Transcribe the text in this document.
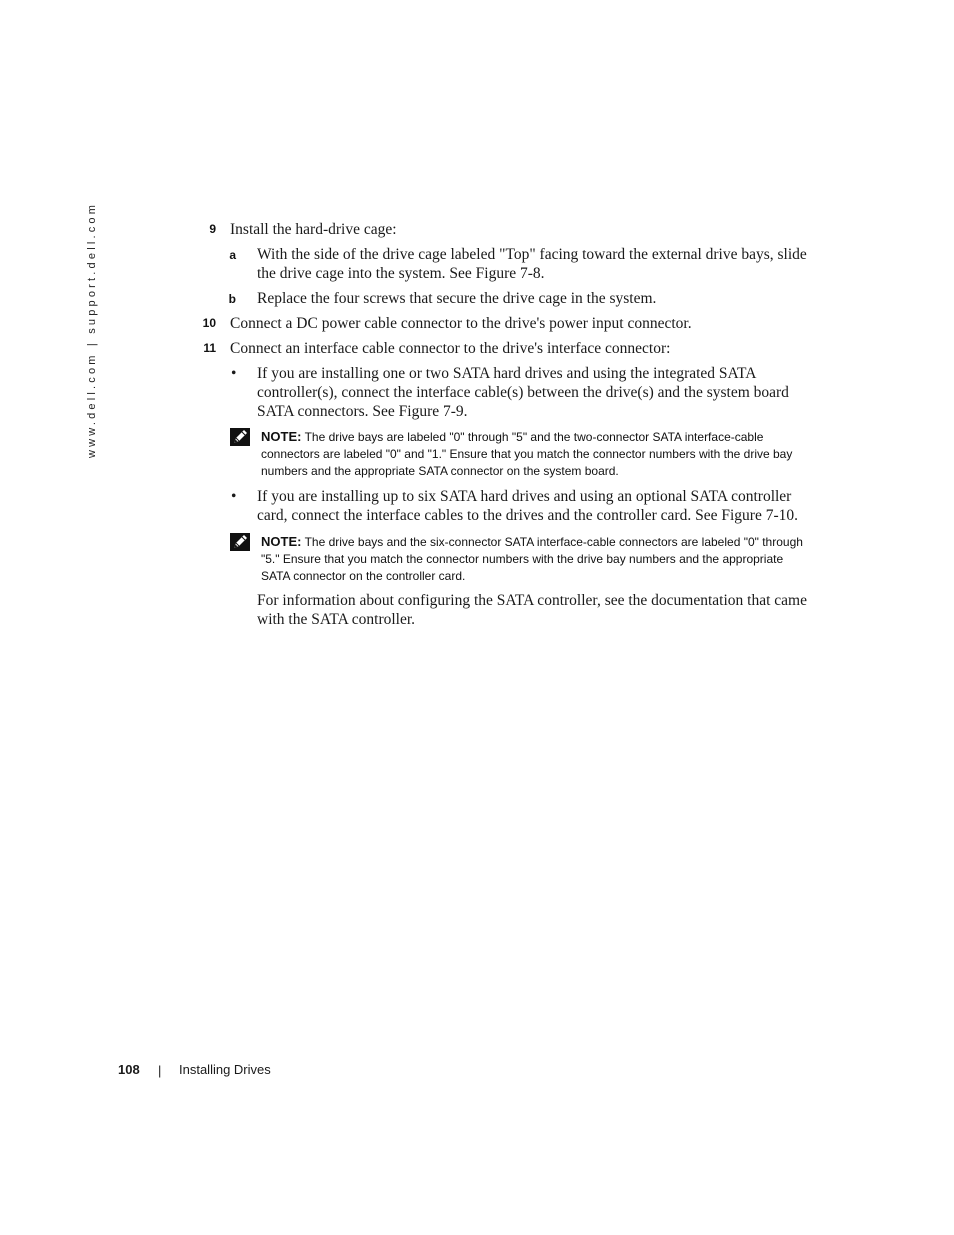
www.dell.com | support.dell.com	9 Install the hard-drive cage:
a With the side of the drive cage labeled "Top" facing toward the external drive bays, slide the drive cage into the system. See Figure 7-8.
b Replace the four screws that secure the drive cage in the system.
10 Connect a DC power cable connector to the drive's power input connector.
11 Connect an interface cable connector to the drive's interface connector:
• If you are installing one or two SATA hard drives and using the integrated SATA controller(s), connect the interface cable(s) between the drive(s) and the system board SATA connectors. See Figure 7-9.
NOTE: The drive bays are labeled "0" through "5" and the two-connector SATA interface-cable connectors are labeled "0" and "1." Ensure that you match the connector numbers with the drive bay numbers and the appropriate SATA connector on the system board.
• If you are installing up to six SATA hard drives and using an optional SATA controller card, connect the interface cables to the drives and the controller card. See Figure 7-10.
NOTE: The drive bays and the six-connector SATA interface-cable connectors are labeled "0" through "5." Ensure that you match the connector numbers with the drive bay numbers and the appropriate SATA connector on the controller card.
For information about configuring the SATA controller, see the documentation that came with the SATA controller.
108 | Installing Drives
